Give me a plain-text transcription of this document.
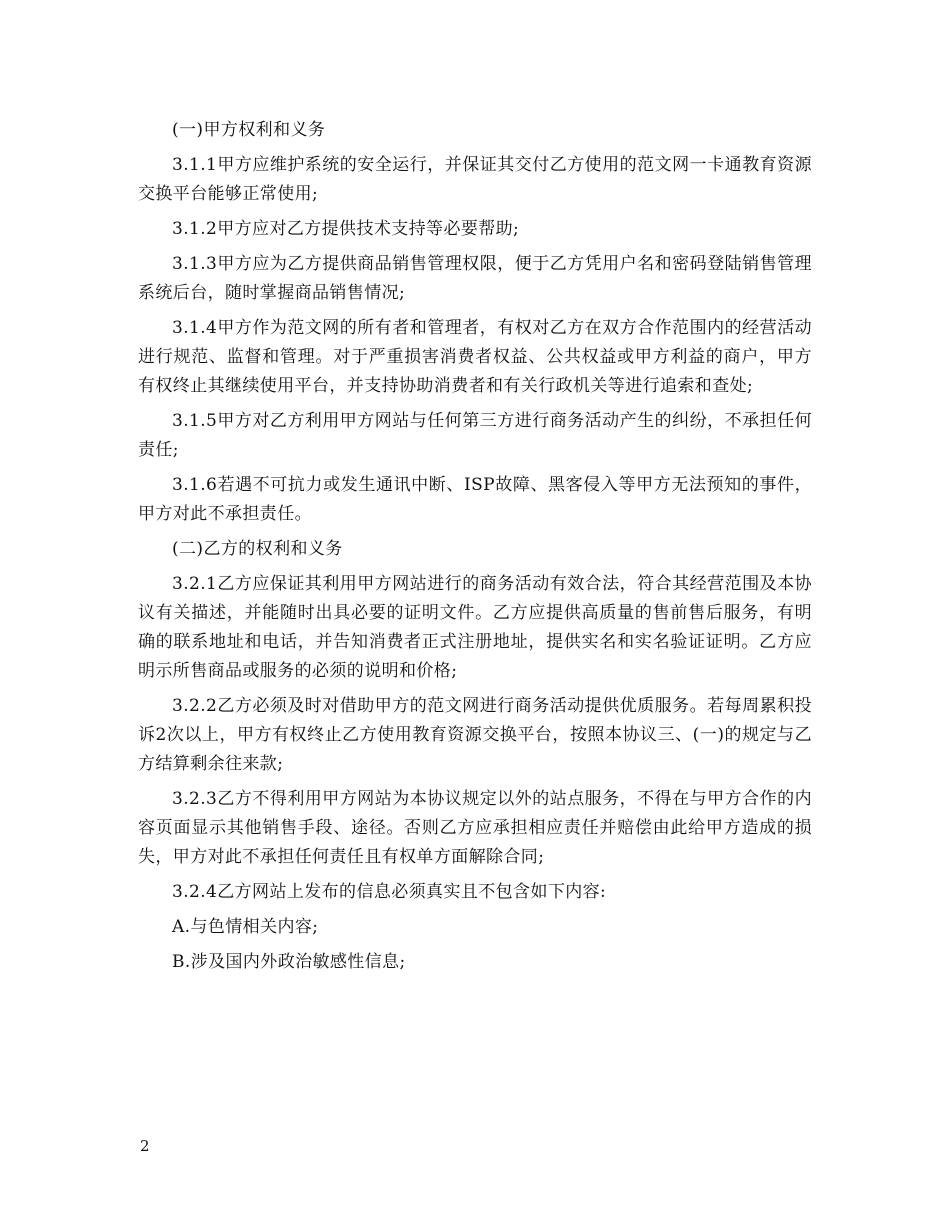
(一)甲方权利和义务

3.1.1甲方应维护系统的安全运行，并保证其交付乙方使用的范文网一卡通教育资源交换平台能够正常使用;

3.1.2甲方应对乙方提供技术支持等必要帮助;

3.1.3甲方应为乙方提供商品销售管理权限，便于乙方凭用户名和密码登陆销售管理系统后台，随时掌握商品销售情况;

3.1.4甲方作为范文网的所有者和管理者，有权对乙方在双方合作范围内的经营活动进行规范、监督和管理。对于严重损害消费者权益、公共权益或甲方利益的商户，甲方有权终止其继续使用平台，并支持协助消费者和有关行政机关等进行追索和查处;

3.1.5甲方对乙方利用甲方网站与任何第三方进行商务活动产生的纠纷，不承担任何责任;

3.1.6若遇不可抗力或发生通讯中断、ISP故障、黑客侵入等甲方无法预知的事件，甲方对此不承担责任。

(二)乙方的权利和义务

3.2.1乙方应保证其利用甲方网站进行的商务活动有效合法，符合其经营范围及本协议有关描述，并能随时出具必要的证明文件。乙方应提供高质量的售前售后服务，有明确的联系地址和电话，并告知消费者正式注册地址，提供实名和实名验证证明。乙方应明示所售商品或服务的必须的说明和价格;

3.2.2乙方必须及时对借助甲方的范文网进行商务活动提供优质服务。若每周累积投诉2次以上，甲方有权终止乙方使用教育资源交换平台，按照本协议三、(一)的规定与乙方结算剩余往来款;

3.2.3乙方不得利用甲方网站为本协议规定以外的站点服务，不得在与甲方合作的内容页面显示其他销售手段、途径。否则乙方应承担相应责任并赔偿由此给甲方造成的损失，甲方对此不承担任何责任且有权单方面解除合同;

3.2.4乙方网站上发布的信息必须真实且不包含如下内容:

A.与色情相关内容;

B.涉及国内外政治敏感性信息;

2
